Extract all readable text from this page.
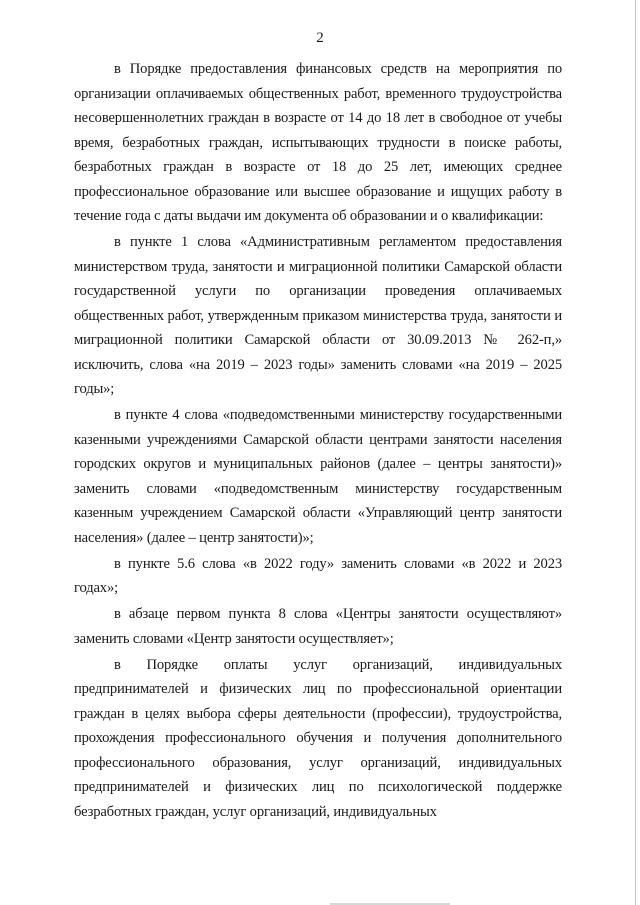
2

в Порядке предоставления финансовых средств на мероприятия по организации оплачиваемых общественных работ, временного трудоустройства несовершеннолетних граждан в возрасте от 14 до 18 лет в свободное от учебы время, безработных граждан, испытывающих трудности в поиске работы, безработных граждан в возрасте от 18 до 25 лет, имеющих среднее профессиональное образование или высшее образование и ищущих работу в течение года с даты выдачи им документа об образовании и о квалификации:

в пункте 1 слова «Административным регламентом предоставления министерством труда, занятости и миграционной политики Самарской области государственной услуги по организации проведения оплачиваемых общественных работ, утвержденным приказом министерства труда, занятости и миграционной политики Самарской области от 30.09.2013 № 262-п,» исключить, слова «на 2019 – 2023 годы» заменить словами «на 2019 – 2025 годы»;

в пункте 4 слова «подведомственными министерству государственными казенными учреждениями Самарской области центрами занятости населения городских округов и муниципальных районов (далее – центры занятости)» заменить словами «подведомственным министерству государственным казенным учреждением Самарской области «Управляющий центр занятости населения» (далее – центр занятости)»;

в пункте 5.6 слова «в 2022 году» заменить словами «в 2022 и 2023 годах»;

в абзаце первом пункта 8 слова «Центры занятости осуществляют» заменить словами «Центр занятости осуществляет»;

в Порядке оплаты услуг организаций, индивидуальных предпринимателей и физических лиц по профессиональной ориентации граждан в целях выбора сферы деятельности (профессии), трудоустройства, прохождения профессионального обучения и получения дополнительного профессионального образования, услуг организаций, индивидуальных предпринимателей и физических лиц по психологической поддержке безработных граждан, услуг организаций, индивидуальных
